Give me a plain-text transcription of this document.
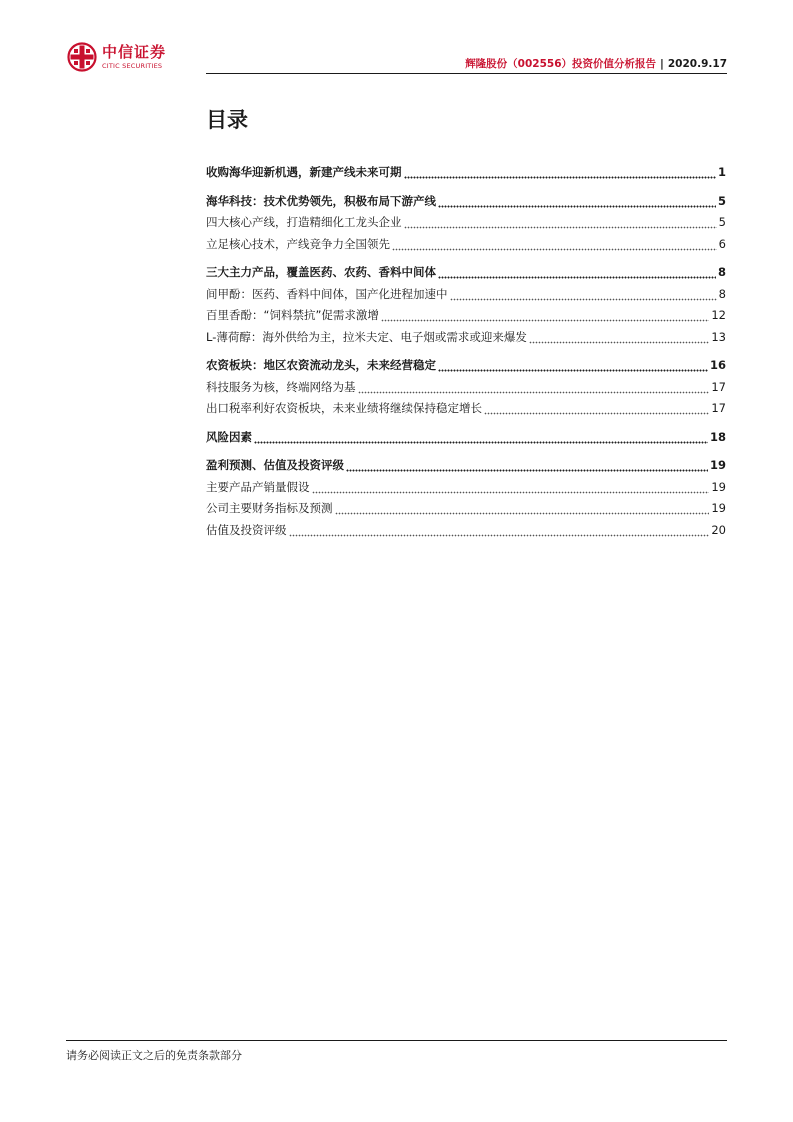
中信证券
CITIC SECURITIES	辉隆股份（002556）投资价值分析报告 | 2020.9.17
目录
收购海华迎新机遇，新建产线未来可期	1
海华科技：技术优势领先，积极布局下游产线	5
四大核心产线，打造精细化工龙头企业	5
立足核心技术，产线竞争力全国领先	6
三大主力产品，覆盖医药、农药、香料中间体	8
间甲酚：医药、香料中间体，国产化进程加速中	8
百里香酚：“饲料禁抗”促需求激增	12
L-薄荷醇：海外供给为主，拉米夫定、电子烟或需求或迎来爆发	13
农资板块：地区农资流动龙头，未来经营稳定	16
科技服务为核，终端网络为基	17
出口税率利好农资板块，未来业绩将继续保持稳定增长	17
风险因素	18
盈利预测、估值及投资评级	19
主要产品产销量假设	19
公司主要财务指标及预测	19
估值及投资评级	20
请务必阅读正文之后的免责条款部分
